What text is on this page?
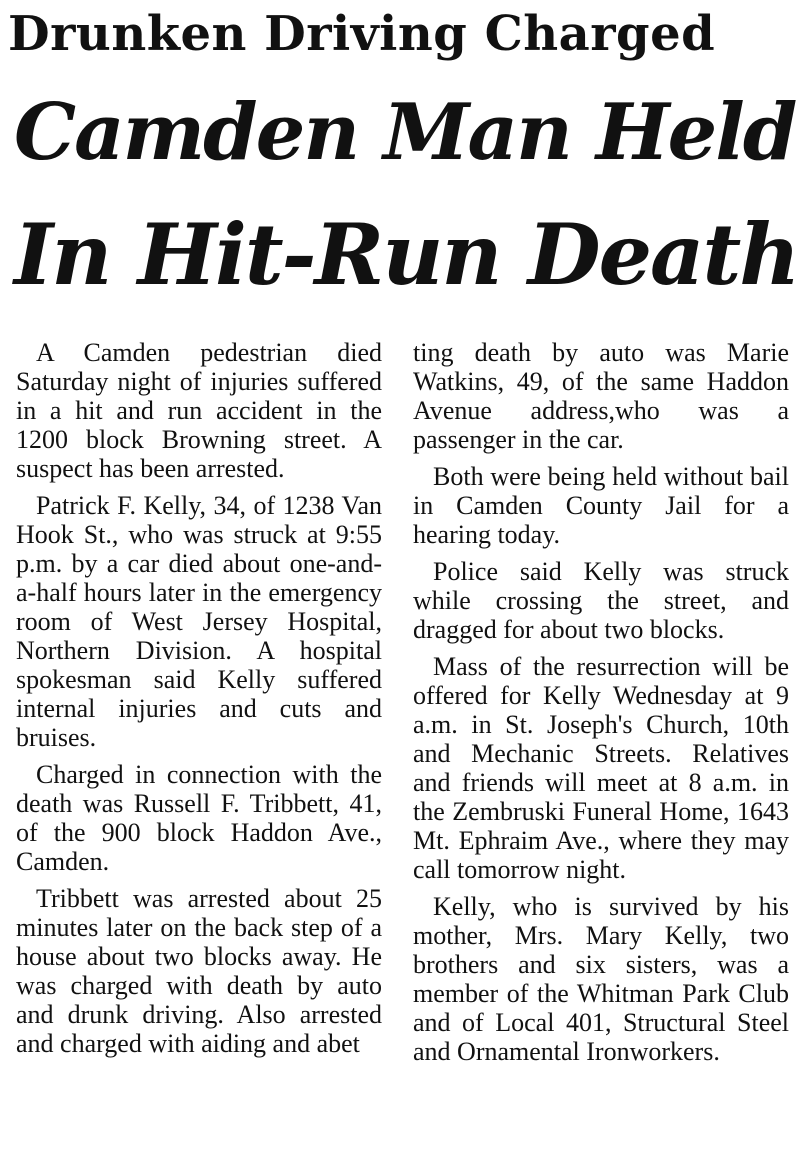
Drunken Driving Charged
Camden Man Held
In Hit-Run Death

A Camden pedestrian died Saturday night of injuries suffered in a hit and run accident in the 1200 block Browning street. A suspect has been arrested.

Patrick F. Kelly, 34, of 1238 Van Hook St., who was struck at 9:55 p.m. by a car died about one-and-a-half hours later in the emergency room of West Jersey Hospital, Northern Division. A hospital spokesman said Kelly suffered internal injuries and cuts and bruises.

Charged in connection with the death was Russell F. Tribbett, 41, of the 900 block Haddon Ave., Camden.

Tribbett was arrested about 25 minutes later on the back step of a house about two blocks away. He was charged with death by auto and drunk driving. Also arrested and charged with aiding and abet

ting death by auto was Marie Watkins, 49, of the same Haddon Avenue address,who was a passenger in the car.

Both were being held without bail in Camden County Jail for a hearing today.

Police said Kelly was struck while crossing the street, and dragged for about two blocks.

Mass of the resurrection will be offered for Kelly Wednesday at 9 a.m. in St. Joseph's Church, 10th and Mechanic Streets. Relatives and friends will meet at 8 a.m. in the Zembruski Funeral Home, 1643 Mt. Ephraim Ave., where they may call tomorrow night.

Kelly, who is survived by his mother, Mrs. Mary Kelly, two brothers and six sisters, was a member of the Whitman Park Club and of Local 401, Structural Steel and Ornamental Ironworkers.
